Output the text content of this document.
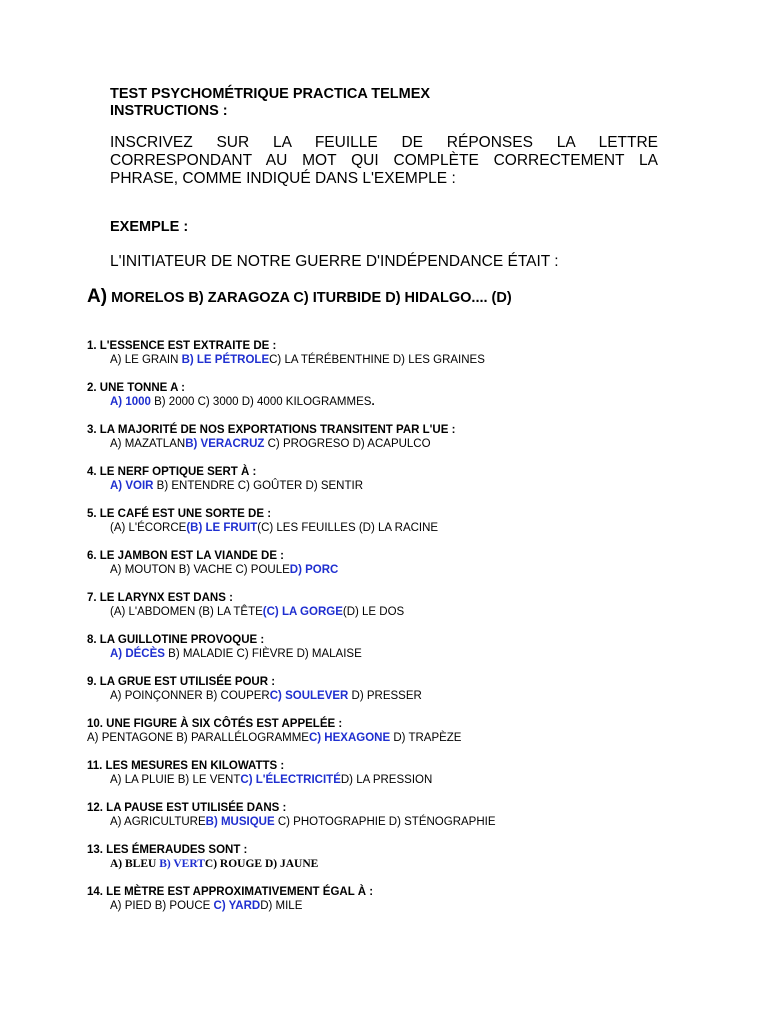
TEST PSYCHOMÉTRIQUE PRACTICA TELMEX
INSTRUCTIONS :

INSCRIVEZ SUR LA FEUILLE DE RÉPONSES LA LETTRE CORRESPONDANT AU MOT QUI COMPLÈTE CORRECTEMENT LA PHRASE, COMME INDIQUÉ DANS L'EXEMPLE :

EXEMPLE :

L'INITIATEUR DE NOTRE GUERRE D'INDÉPENDANCE ÉTAIT :

A) MORELOS B) ZARAGOZA C) ITURBIDE D) HIDALGO.... (D)

1. L'ESSENCE EST EXTRAITE DE :
A) LE GRAIN B) LE PÉTROLEC) LA TÉRÉBENTHINE D) LES GRAINES
2. UNE TONNE A :
A) 1000 B) 2000 C) 3000 D) 4000 KILOGRAMMES.
3. LA MAJORITÉ DE NOS EXPORTATIONS TRANSITENT PAR L'UE :
A) MAZATLANB) VERACRUZ C) PROGRESO D) ACAPULCO
4. LE NERF OPTIQUE SERT À :
A) VOIR B) ENTENDRE C) GOÛTER D) SENTIR
5. LE CAFÉ EST UNE SORTE DE :
(A) L'ÉCORCE(B) LE FRUIT(C) LES FEUILLES (D) LA RACINE
6. LE JAMBON EST LA VIANDE DE :
A) MOUTON B) VACHE C) POULED) PORC
7. LE LARYNX EST DANS :
(A) L'ABDOMEN (B) LA TÊTE(C) LA GORGE(D) LE DOS
8. LA GUILLOTINE PROVOQUE :
A) DÉCÈS B) MALADIE C) FIÈVRE D) MALAISE
9. LA GRUE EST UTILISÉE POUR :
A) POINÇONNER B) COUPERC) SOULEVER D) PRESSER
10. UNE FIGURE À SIX CÔTÉS EST APPELÉE :
A) PENTAGONE B) PARALLÉLOGRAMMEC) HEXAGONE D) TRAPÈZE
11. LES MESURES EN KILOWATTS :
A) LA PLUIE B) LE VENTC) L'ÉLECTRICITÉD) LA PRESSION
12. LA PAUSE EST UTILISÉE DANS :
A) AGRICULTUREB) MUSIQUE C) PHOTOGRAPHIE D) STÉNOGRAPHIE
13. LES ÉMERAUDES SONT :
A) BLEU B) VERTC) ROUGE D) JAUNE
14. LE MÈTRE EST APPROXIMATIVEMENT ÉGAL À :
A) PIED B) POUCE C) YARDD) MILE
